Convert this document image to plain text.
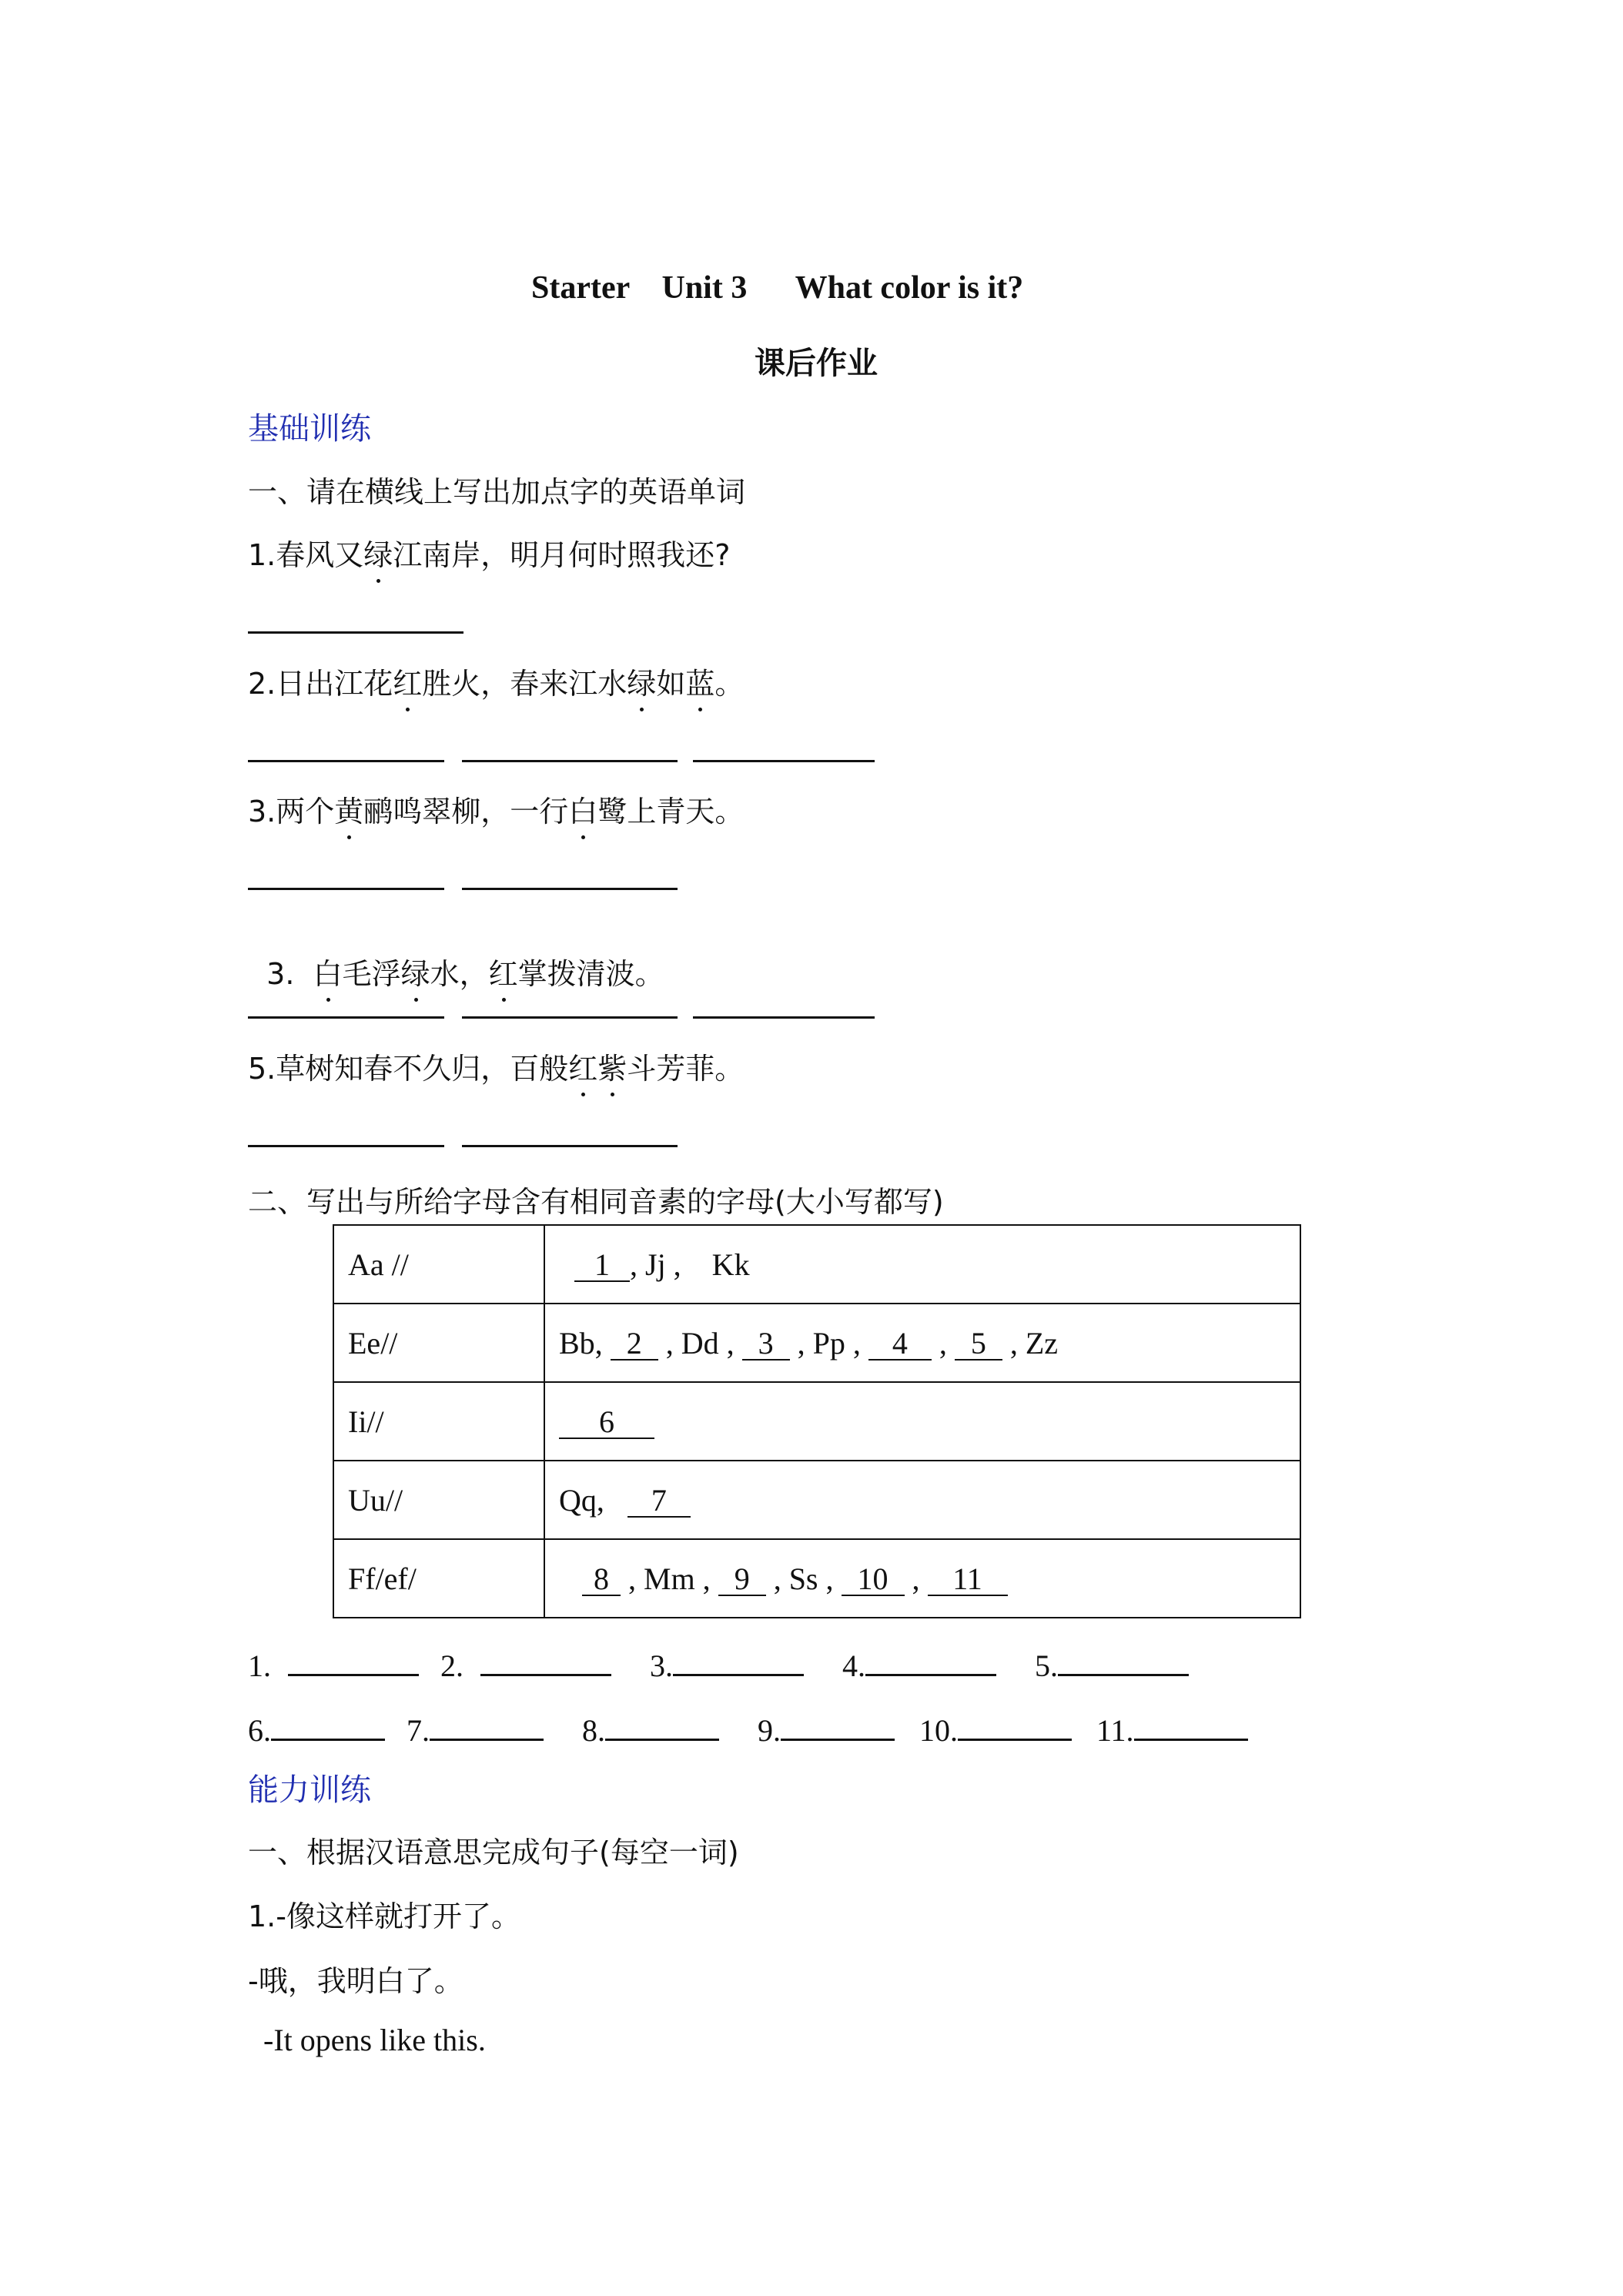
Starter    Unit 3      What color is it?
课后作业
基础训练
一、请在横线上写出加点字的英语单词
1.春风又绿江南岸，明月何时照我还?
2.日出江花红胜火，春来江水绿如蓝。
3.两个黄鹂鸣翠柳，一行白鹭上青天。

3.  白毛浮绿水，红掌拨清波。

5.草树知春不久归，百般红紫斗芳菲。
二、写出与所给字母含有相同音素的字母(大小写都写)
Aa //	1 , Jj ,    Kk
Ee//	Bb, 2 , Dd , 3 , Pp , 4 , 5 , Zz
Ii//	6
Uu//	Qq,   7
Ff/ef/	8 , Mm , 9 , Ss , 10 , 11
1.	2.	3.	4.	5.
6.	7.	8.	9.	10.	11.
能力训练
一、根据汉语意思完成句子(每空一词)
1.-像这样就打开了。
-哦，我明白了。
-It opens like this.
